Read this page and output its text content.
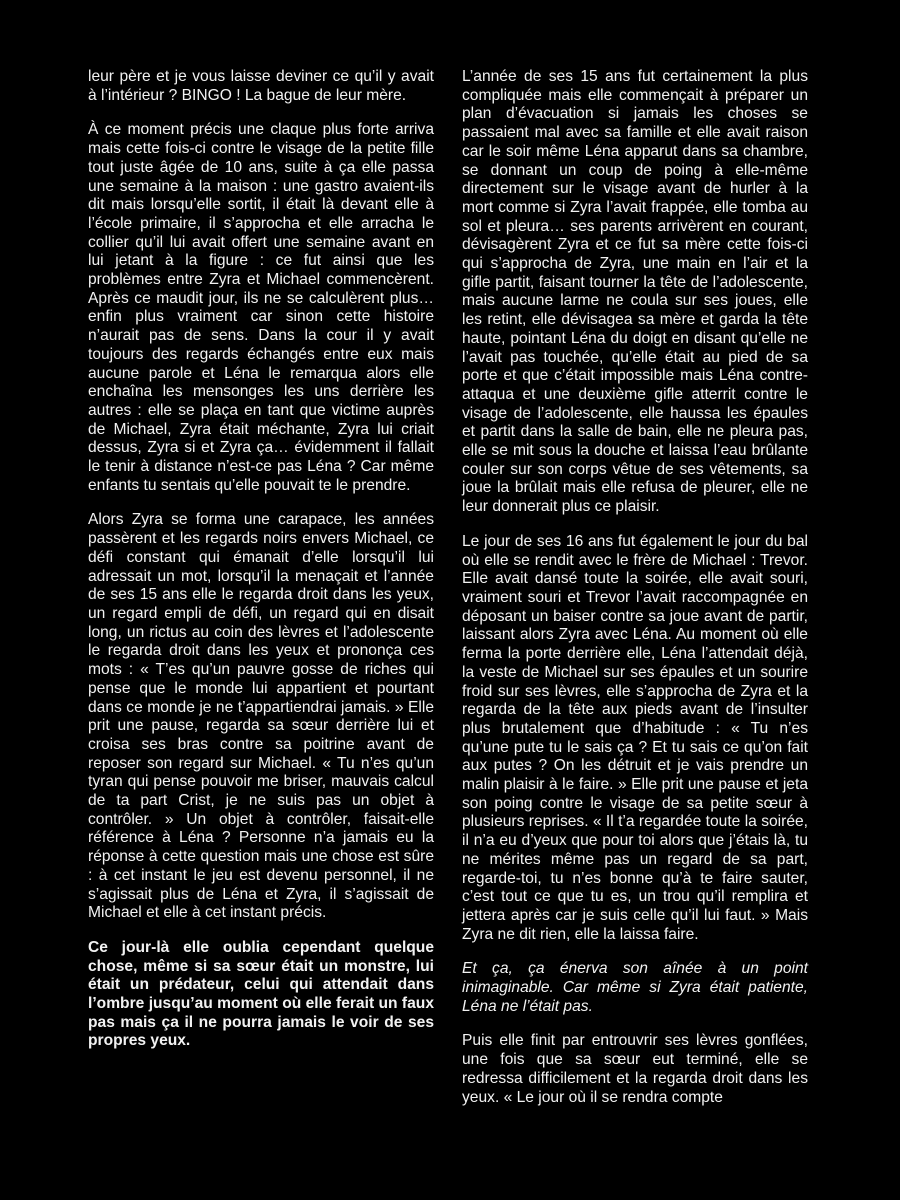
leur père et je vous laisse deviner ce qu’il y avait à l’intérieur ? BINGO ! La bague de leur mère.

À ce moment précis une claque plus forte arriva mais cette fois-ci contre le visage de la petite fille tout juste âgée de 10 ans, suite à ça elle passa une semaine à la maison : une gastro avaient-ils dit mais lorsqu’elle sortit, il était là devant elle à l’école primaire, il s’approcha et elle arracha le collier qu’il lui avait offert une semaine avant en lui jetant à la figure : ce fut ainsi que les problèmes entre Zyra et Michael commencèrent. Après ce maudit jour, ils ne se calculèrent plus… enfin plus vraiment car sinon cette histoire n’aurait pas de sens. Dans la cour il y avait toujours des regards échangés entre eux mais aucune parole et Léna le remarqua alors elle enchaîna les mensonges les uns derrière les autres : elle se plaça en tant que victime auprès de Michael, Zyra était méchante, Zyra lui criait dessus, Zyra si et Zyra ça… évidemment il fallait le tenir à distance n’est-ce pas Léna ? Car même enfants tu sentais qu’elle pouvait te le prendre.

Alors Zyra se forma une carapace, les années passèrent et les regards noirs envers Michael, ce défi constant qui émanait d’elle lorsqu’il lui adressait un mot, lorsqu’il la menaçait et l’année de ses 15 ans elle le regarda droit dans les yeux, un regard empli de défi, un regard qui en disait long, un rictus au coin des lèvres et l’adolescente le regarda droit dans les yeux et prononça ces mots : « T’es qu’un pauvre gosse de riches qui pense que le monde lui appartient et pourtant dans ce monde je ne t’appartiendrai jamais. » Elle prit une pause, regarda sa sœur derrière lui et croisa ses bras contre sa poitrine avant de reposer son regard sur Michael. « Tu n’es qu’un tyran qui pense pouvoir me briser, mauvais calcul de ta part Crist, je ne suis pas un objet à contrôler. » Un objet à contrôler, faisait-elle référence à Léna ? Personne n’a jamais eu la réponse à cette question mais une chose est sûre : à cet instant le jeu est devenu personnel, il ne s’agissait plus de Léna et Zyra, il s’agissait de Michael et elle à cet instant précis.

Ce jour-là elle oublia cependant quelque chose, même si sa sœur était un monstre, lui était un prédateur, celui qui attendait dans l’ombre jusqu’au moment où elle ferait un faux pas mais ça il ne pourra jamais le voir de ses propres yeux.

L’année de ses 15 ans fut certainement la plus compliquée mais elle commençait à préparer un plan d’évacuation si jamais les choses se passaient mal avec sa famille et elle avait raison car le soir même Léna apparut dans sa chambre, se donnant un coup de poing à elle-même directement sur le visage avant de hurler à la mort comme si Zyra l’avait frappée, elle tomba au sol et pleura… ses parents arrivèrent en courant, dévisagèrent Zyra et ce fut sa mère cette fois-ci qui s’approcha de Zyra, une main en l’air et la gifle partit, faisant tourner la tête de l’adolescente, mais aucune larme ne coula sur ses joues, elle les retint, elle dévisagea sa mère et garda la tête haute, pointant Léna du doigt en disant qu’elle ne l’avait pas touchée, qu’elle était au pied de sa porte et que c’était impossible mais Léna contre-attaqua et une deuxième gifle atterrit contre le visage de l’adolescente, elle haussa les épaules et partit dans la salle de bain, elle ne pleura pas, elle se mit sous la douche et laissa l’eau brûlante couler sur son corps vêtue de ses vêtements, sa joue la brûlait mais elle refusa de pleurer, elle ne leur donnerait plus ce plaisir.

Le jour de ses 16 ans fut également le jour du bal où elle se rendit avec le frère de Michael : Trevor. Elle avait dansé toute la soirée, elle avait souri, vraiment souri et Trevor l’avait raccompagnée en déposant un baiser contre sa joue avant de partir, laissant alors Zyra avec Léna. Au moment où elle ferma la porte derrière elle, Léna l’attendait déjà, la veste de Michael sur ses épaules et un sourire froid sur ses lèvres, elle s’approcha de Zyra et la regarda de la tête aux pieds avant de l’insulter plus brutalement que d’habitude : « Tu n’es qu’une pute tu le sais ça ? Et tu sais ce qu’on fait aux putes ? On les détruit et je vais prendre un malin plaisir à le faire. » Elle prit une pause et jeta son poing contre le visage de sa petite sœur à plusieurs reprises. « Il t’a regardée toute la soirée, il n’a eu d’yeux que pour toi alors que j’étais là, tu ne mérites même pas un regard de sa part, regarde-toi, tu n’es bonne qu’à te faire sauter, c’est tout ce que tu es, un trou qu’il remplira et jettera après car je suis celle qu’il lui faut. » Mais Zyra ne dit rien, elle la laissa faire.

Et ça, ça énerva son aînée à un point inimaginable. Car même si Zyra était patiente, Léna ne l’était pas.

Puis elle finit par entrouvrir ses lèvres gonflées, une fois que sa sœur eut terminé, elle se redressa difficilement et la regarda droit dans les yeux. « Le jour où il se rendra compte
